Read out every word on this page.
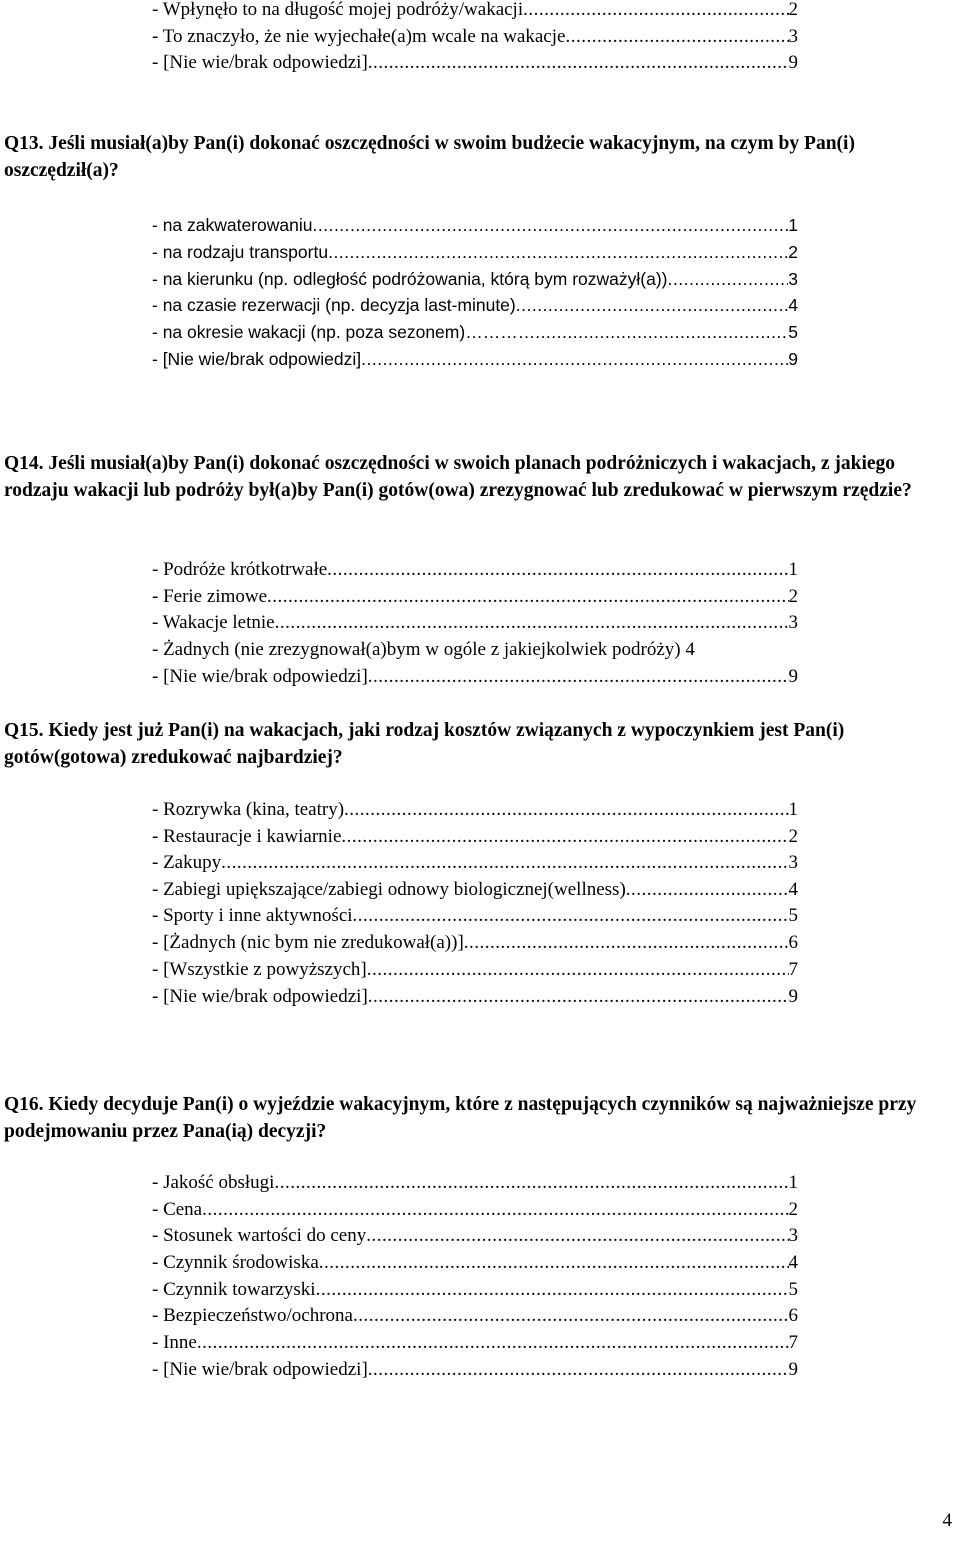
- Wpłynęło to na długość mojej podróży/wakacji .....	2
- To znaczyło, że nie wyjechałe(a)m wcale na wakacje .....	3
- [Nie wie/brak odpowiedzi] .....	9
Q13. Jeśli musiał(a)by Pan(i) dokonać oszczędności w swoim budżecie wakacyjnym, na czym by Pan(i) oszczędził(a)?
- na zakwaterowaniu .....	1
- na rodzaju transportu .....	2
- na kierunku (np. odległość podróżowania, którą bym rozważył(a)) .....	3
- na czasie rezerwacji (np. decyzja last-minute) .....	4
- na okresie wakacji (np. poza sezonem)………… .....	5
- [Nie wie/brak odpowiedzi] .....	9
Q14. Jeśli musiał(a)by Pan(i) dokonać oszczędności w swoich planach podróżniczych i wakacjach, z jakiego rodzaju wakacji lub podróży był(a)by Pan(i) gotów(owa) zrezygnować lub zredukować w pierwszym rzędzie?
- Podróże krótkotrwałe .....	1
- Ferie zimowe .....	2
- Wakacje letnie .....	3
- Żadnych (nie zrezygnował(a)bym w ogóle z jakiejkolwiek podróży) 4
- [Nie wie/brak odpowiedzi] .....	9
Q15. Kiedy jest już Pan(i) na wakacjach, jaki rodzaj kosztów związanych z wypoczynkiem jest Pan(i) gotów(gotowa) zredukować najbardziej?
- Rozrywka (kina, teatry) .....	1
- Restauracje i kawiarnie .....	2
- Zakupy .....	3
- Zabiegi upiększające/zabiegi odnowy biologicznej(wellness) .....	4
- Sporty i inne aktywności .....	5
- [Żadnych (nic bym nie zredukował(a))] .....	6
- [Wszystkie z powyższych] .....	7
- [Nie wie/brak odpowiedzi] .....	9
Q16. Kiedy decyduje Pan(i) o wyjeździe wakacyjnym, które z następujących czynników są najważniejsze przy podejmowaniu przez Pana(ią) decyzji?
- Jakość obsługi .....	1
- Cena .....	2
- Stosunek wartości do ceny .....	3
- Czynnik środowiska .....	4
- Czynnik towarzyski .....	5
- Bezpieczeństwo/ochrona .....	6
- Inne .....	7
- [Nie wie/brak odpowiedzi] .....	9
4
